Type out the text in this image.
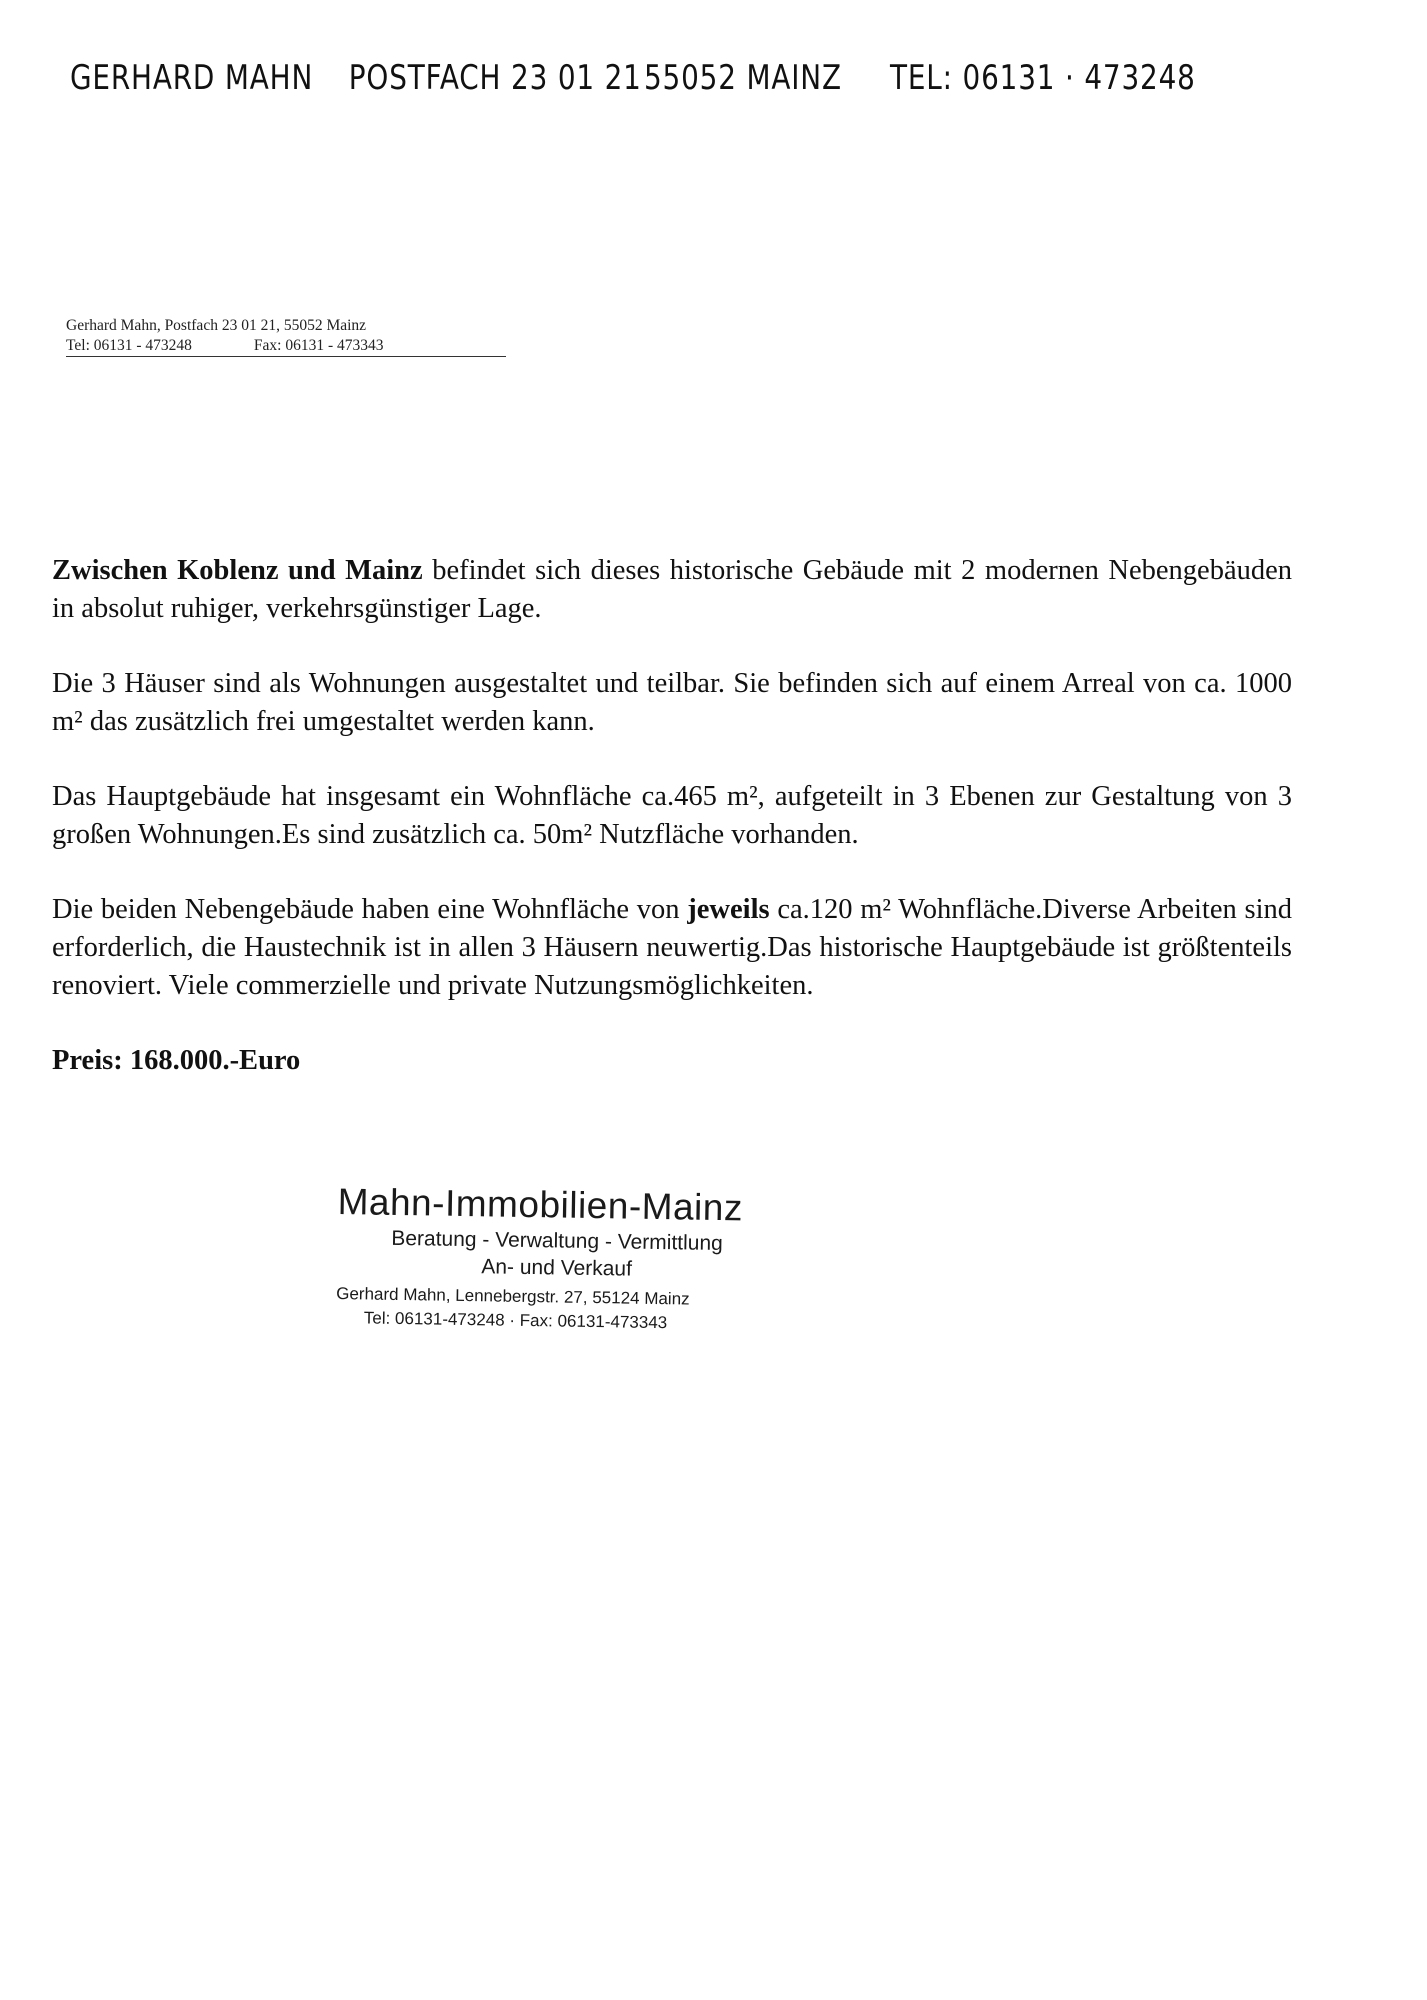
GERHARD MAHN POSTFACH 23 01 21 55052 MAINZ TEL: 06131 · 473248
Gerhard Mahn, Postfach 23 01 21, 55052 Mainz
Tel: 06131 - 473248	Fax: 06131 - 473343

Zwischen Koblenz und Mainz befindet sich dieses historische Gebäude mit 2 modernen Nebengebäuden in absolut ruhiger, verkehrsgünstiger Lage.

Die 3 Häuser sind als Wohnungen ausgestaltet und teilbar. Sie befinden sich auf einem Arreal von ca. 1000 m² das zusätzlich frei umgestaltet werden kann.

Das Hauptgebäude hat insgesamt ein Wohnfläche ca.465 m², aufgeteilt in 3 Ebenen zur Gestaltung von 3 großen Wohnungen.Es sind zusätzlich ca. 50m² Nutzfläche vorhanden.

Die beiden Nebengebäude haben eine Wohnfläche von jeweils ca.120 m² Wohnfläche.Diverse Arbeiten sind erforderlich, die Haustechnik ist in allen 3 Häusern neuwertig.Das historische Hauptgebäude ist größtenteils renoviert. Viele commerzielle und private Nutzungsmöglichkeiten.

Preis: 168.000.-Euro

Mahn-Immobilien-Mainz
Beratung - Verwaltung - Vermittlung
An- und Verkauf
Gerhard Mahn, Lennebergstr. 27, 55124 Mainz
Tel: 06131-473248 · Fax: 06131-473343
